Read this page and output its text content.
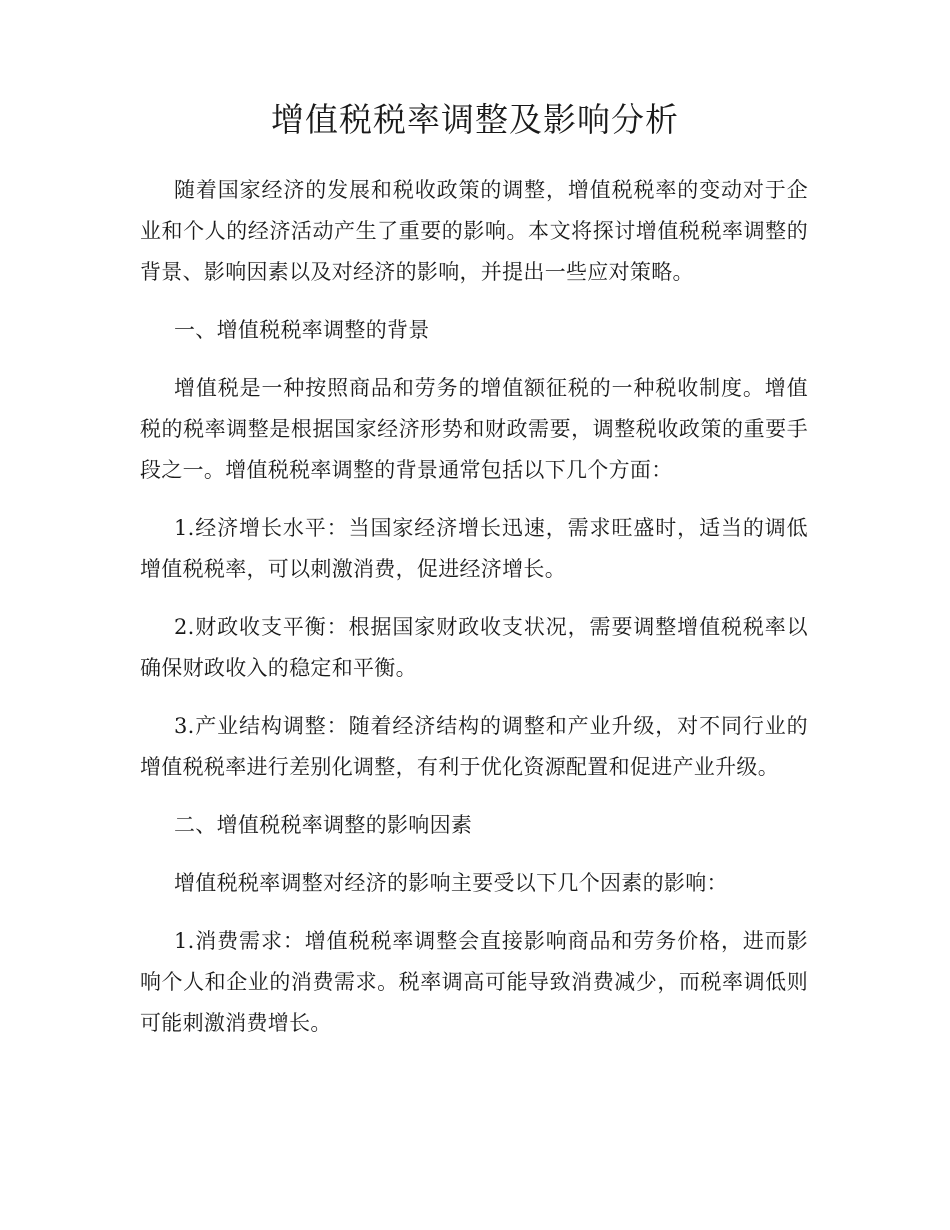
增值税税率调整及影响分析

随着国家经济的发展和税收政策的调整，增值税税率的变动对于企业和个人的经济活动产生了重要的影响。本文将探讨增值税税率调整的背景、影响因素以及对经济的影响，并提出一些应对策略。

一、增值税税率调整的背景

增值税是一种按照商品和劳务的增值额征税的一种税收制度。增值税的税率调整是根据国家经济形势和财政需要，调整税收政策的重要手段之一。增值税税率调整的背景通常包括以下几个方面：

1.经济增长水平：当国家经济增长迅速，需求旺盛时，适当的调低增值税税率，可以刺激消费，促进经济增长。

2.财政收支平衡：根据国家财政收支状况，需要调整增值税税率以确保财政收入的稳定和平衡。

3.产业结构调整：随着经济结构的调整和产业升级，对不同行业的增值税税率进行差别化调整，有利于优化资源配置和促进产业升级。

二、增值税税率调整的影响因素

增值税税率调整对经济的影响主要受以下几个因素的影响：

1.消费需求：增值税税率调整会直接影响商品和劳务价格，进而影响个人和企业的消费需求。税率调高可能导致消费减少，而税率调低则可能刺激消费增长。
